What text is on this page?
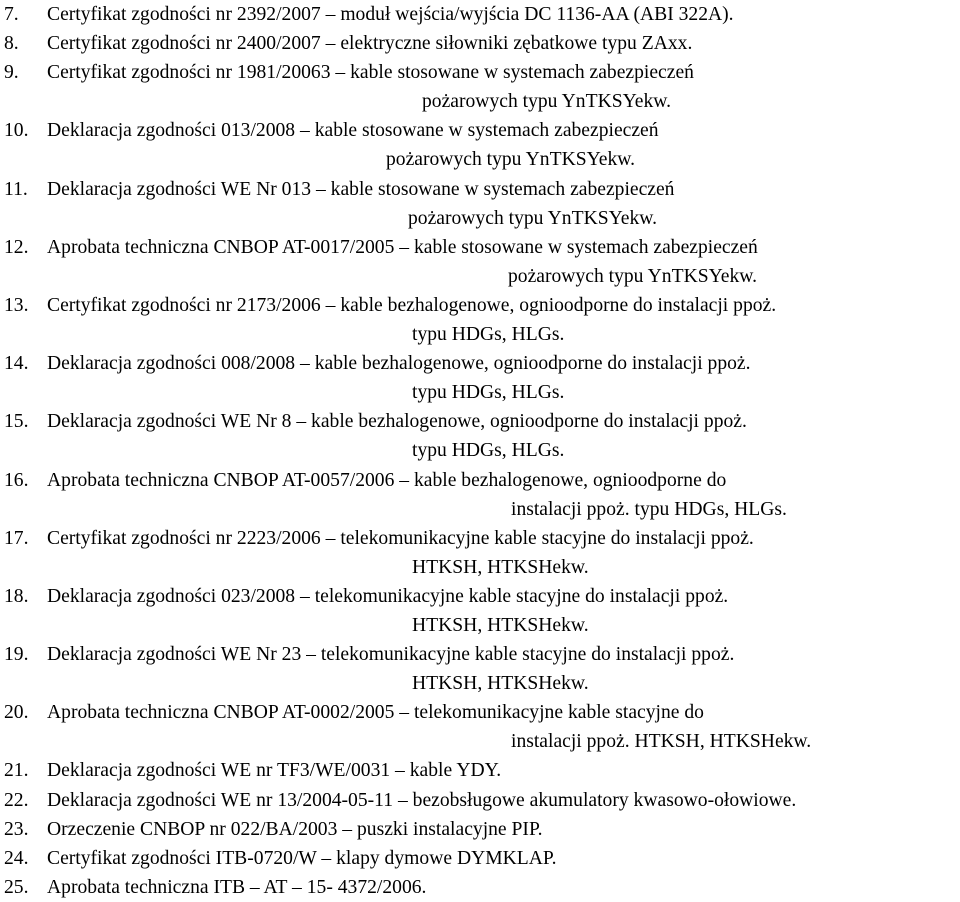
7. Certyfikat zgodności nr 2392/2007 – moduł wejścia/wyjścia DC 1136-AA (ABI 322A).
8. Certyfikat zgodności nr 2400/2007 – elektryczne siłowniki zębatkowe typu ZAxx.
9. Certyfikat zgodności nr 1981/20063 – kable stosowane w systemach zabezpieczeń
pożarowych typu YnTKSYekw.
10. Deklaracja zgodności 013/2008 – kable stosowane w systemach zabezpieczeń
pożarowych typu YnTKSYekw.
11. Deklaracja zgodności WE Nr 013 – kable stosowane w systemach zabezpieczeń
pożarowych typu YnTKSYekw.
12. Aprobata techniczna CNBOP AT-0017/2005 – kable stosowane w systemach zabezpieczeń
pożarowych typu YnTKSYekw.
13. Certyfikat zgodności nr 2173/2006 – kable bezhalogenowe, ognioodporne do instalacji ppoż.
typu HDGs, HLGs.
14. Deklaracja zgodności 008/2008 – kable bezhalogenowe, ognioodporne do instalacji ppoż.
typu HDGs, HLGs.
15. Deklaracja zgodności WE Nr 8 – kable bezhalogenowe, ognioodporne do instalacji ppoż.
typu HDGs, HLGs.
16. Aprobata techniczna CNBOP AT-0057/2006 – kable bezhalogenowe, ognioodporne do
instalacji ppoż. typu HDGs, HLGs.
17. Certyfikat zgodności nr 2223/2006 – telekomunikacyjne kable stacyjne do instalacji ppoż.
HTKSH, HTKSHekw.
18. Deklaracja zgodności 023/2008 – telekomunikacyjne kable stacyjne do instalacji ppoż.
HTKSH, HTKSHekw.
19. Deklaracja zgodności WE Nr 23 – telekomunikacyjne kable stacyjne do instalacji ppoż.
HTKSH, HTKSHekw.
20. Aprobata techniczna CNBOP AT-0002/2005 – telekomunikacyjne kable stacyjne do
instalacji ppoż. HTKSH, HTKSHekw.
21. Deklaracja zgodności WE nr TF3/WE/0031 – kable YDY.
22. Deklaracja zgodności WE nr 13/2004-05-11 – bezobsługowe akumulatory kwasowo-ołowiowe.
23. Orzeczenie CNBOP nr 022/BA/2003 – puszki instalacyjne PIP.
24. Certyfikat zgodności ITB-0720/W – klapy dymowe DYMKLAP.
25. Aprobata techniczna ITB – AT – 15- 4372/2006.
